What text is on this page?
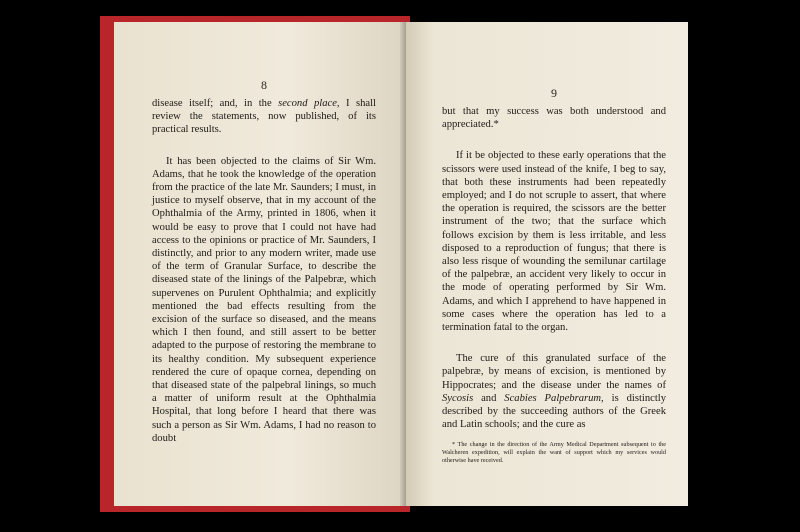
8

disease itself; and, in the second place, I shall review the statements, now published, of its practical results.

It has been objected to the claims of Sir Wm. Adams, that he took the knowledge of the operation from the practice of the late Mr. Saunders; I must, in justice to myself observe, that in my account of the Ophthalmia of the Army, printed in 1806, when it would be easy to prove that I could not have had access to the opinions or practice of Mr. Saunders, I distinctly, and prior to any modern writer, made use of the term of Granular Surface, to describe the diseased state of the linings of the Palpebræ, which supervenes on Purulent Ophthalmia; and explicitly mentioned the bad effects resulting from the excision of the surface so diseased, and the means which I then found, and still assert to be better adapted to the purpose of restoring the membrane to its healthy condition. My subsequent experience rendered the cure of opaque cornea, depending on that diseased state of the palpebral linings, so much a matter of uniform result at the Ophthalmia Hospital, that long before I heard that there was such a person as Sir Wm. Adams, I had no reason to doubt

9

but that my success was both understood and appreciated.*

If it be objected to these early operations that the scissors were used instead of the knife, I beg to say, that both these instruments had been repeatedly employed; and I do not scruple to assert, that where the operation is required, the scissors are the better instrument of the two; that the surface which follows excision by them is less irritable, and less disposed to a reproduction of fungus; that there is also less risque of wounding the semilunar cartilage of the palpebræ, an accident very likely to occur in the mode of operating performed by Sir Wm. Adams, and which I apprehend to have happened in some cases where the operation has led to a termination fatal to the organ.

The cure of this granulated surface of the palpebræ, by means of excision, is mentioned by Hippocrates; and the disease under the names of Sycosis and Scabies Palpebrarum, is distinctly described by the succeeding authors of the Greek and Latin schools; and the cure as

* The change in the direction of the Army Medical Department subsequent to the Walcheren expedition, will explain the want of support which my services would otherwise have received.
